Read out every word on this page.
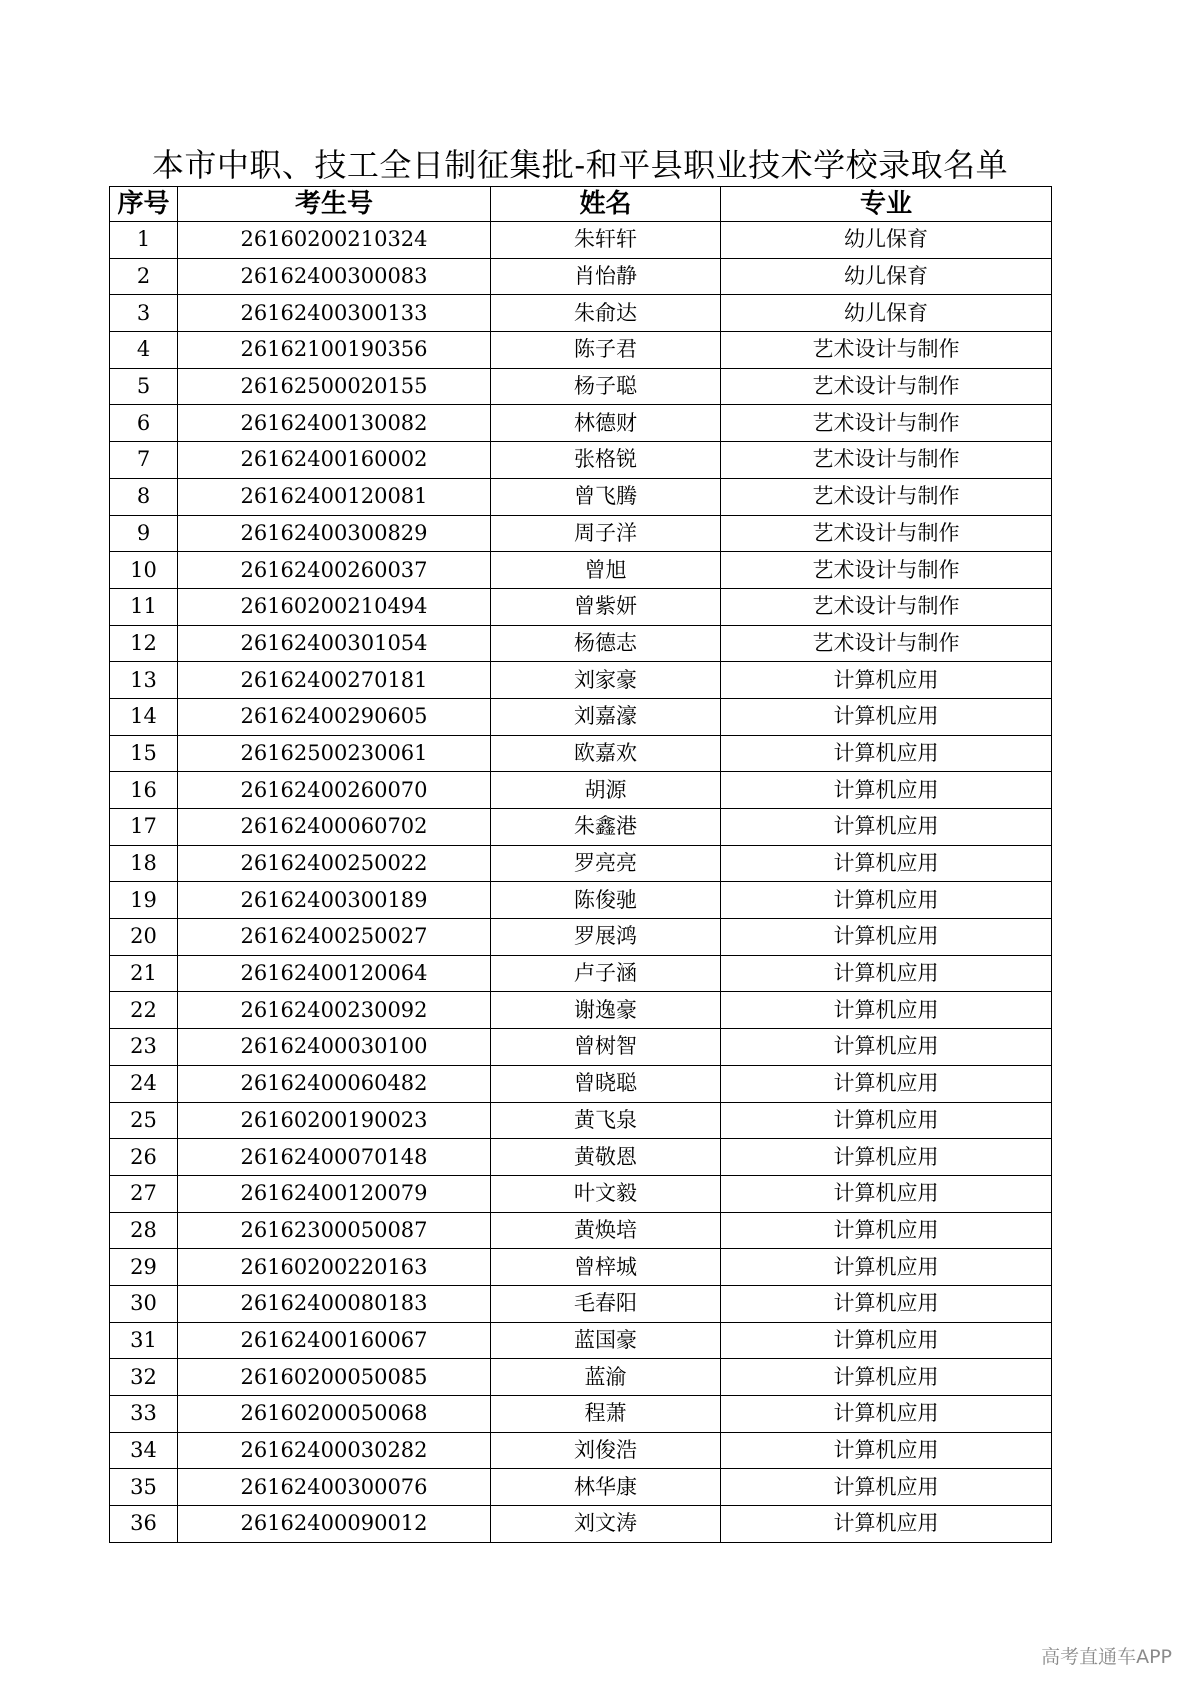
本市中职、技工全日制征集批-和平县职业技术学校录取名单
序号	考生号	姓名	专业
1	26160200210324	朱轩轩	幼儿保育
2	26162400300083	肖怡静	幼儿保育
3	26162400300133	朱俞达	幼儿保育
4	26162100190356	陈子君	艺术设计与制作
5	26162500020155	杨子聪	艺术设计与制作
6	26162400130082	林德财	艺术设计与制作
7	26162400160002	张格锐	艺术设计与制作
8	26162400120081	曾飞腾	艺术设计与制作
9	26162400300829	周子洋	艺术设计与制作
10	26162400260037	曾旭	艺术设计与制作
11	26160200210494	曾紫妍	艺术设计与制作
12	26162400301054	杨德志	艺术设计与制作
13	26162400270181	刘家豪	计算机应用
14	26162400290605	刘嘉濠	计算机应用
15	26162500230061	欧嘉欢	计算机应用
16	26162400260070	胡源	计算机应用
17	26162400060702	朱鑫港	计算机应用
18	26162400250022	罗亮亮	计算机应用
19	26162400300189	陈俊驰	计算机应用
20	26162400250027	罗展鸿	计算机应用
21	26162400120064	卢子涵	计算机应用
22	26162400230092	谢逸豪	计算机应用
23	26162400030100	曾树智	计算机应用
24	26162400060482	曾晓聪	计算机应用
25	26160200190023	黄飞泉	计算机应用
26	26162400070148	黄敬恩	计算机应用
27	26162400120079	叶文毅	计算机应用
28	26162300050087	黄焕培	计算机应用
29	26160200220163	曾梓城	计算机应用
30	26162400080183	毛春阳	计算机应用
31	26162400160067	蓝国豪	计算机应用
32	26160200050085	蓝渝	计算机应用
33	26160200050068	程萧	计算机应用
34	26162400030282	刘俊浩	计算机应用
35	26162400300076	林华康	计算机应用
36	26162400090012	刘文涛	计算机应用
高考直通车APP
